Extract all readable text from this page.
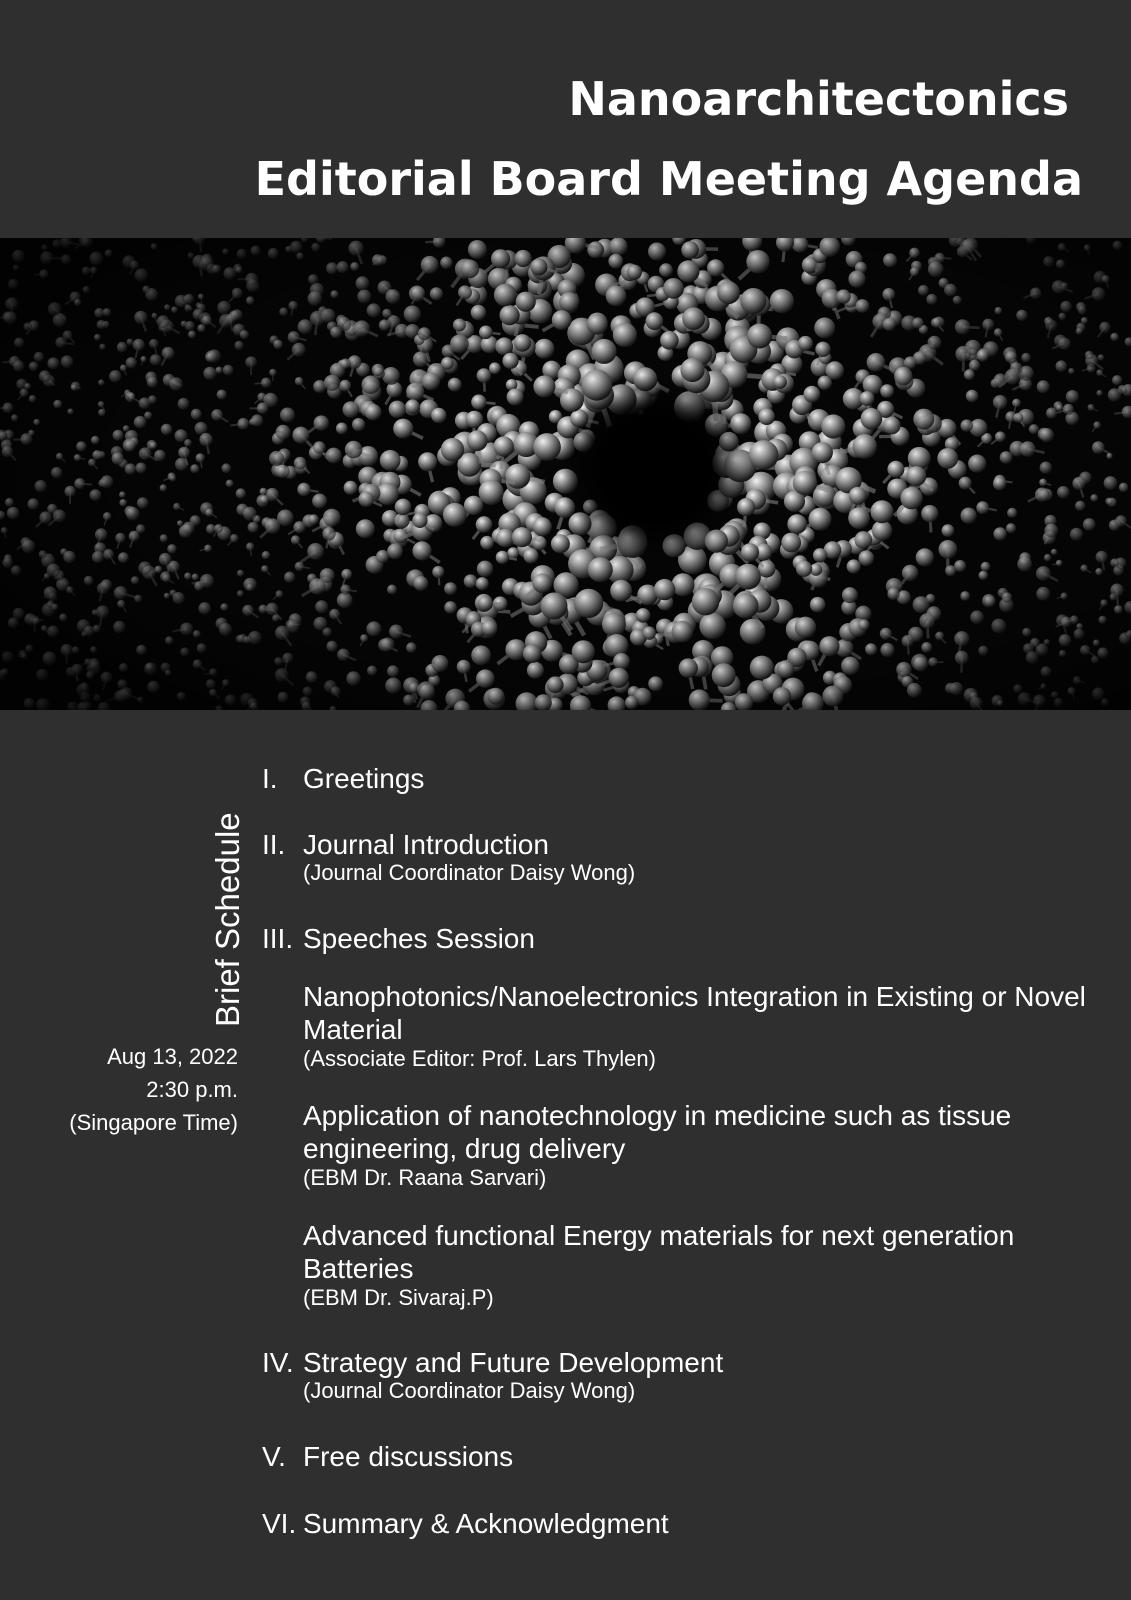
Nanoarchitectonics
Editorial Board Meeting Agenda
Brief Schedule
Aug 13, 2022
2:30 p.m.
(Singapore Time)
I. Greetings
II. Journal Introduction
(Journal Coordinator Daisy Wong)
III. Speeches Session
Nanophotonics/Nanoelectronics Integration in Existing or Novel Material
(Associate Editor: Prof. Lars Thylen)
Application of nanotechnology in medicine such as tissue engineering, drug delivery
(EBM Dr. Raana Sarvari)
Advanced functional Energy materials for next generation Batteries
(EBM Dr. Sivaraj.P)
IV. Strategy and Future Development
(Journal Coordinator Daisy Wong)
V. Free discussions
VI. Summary & Acknowledgment
